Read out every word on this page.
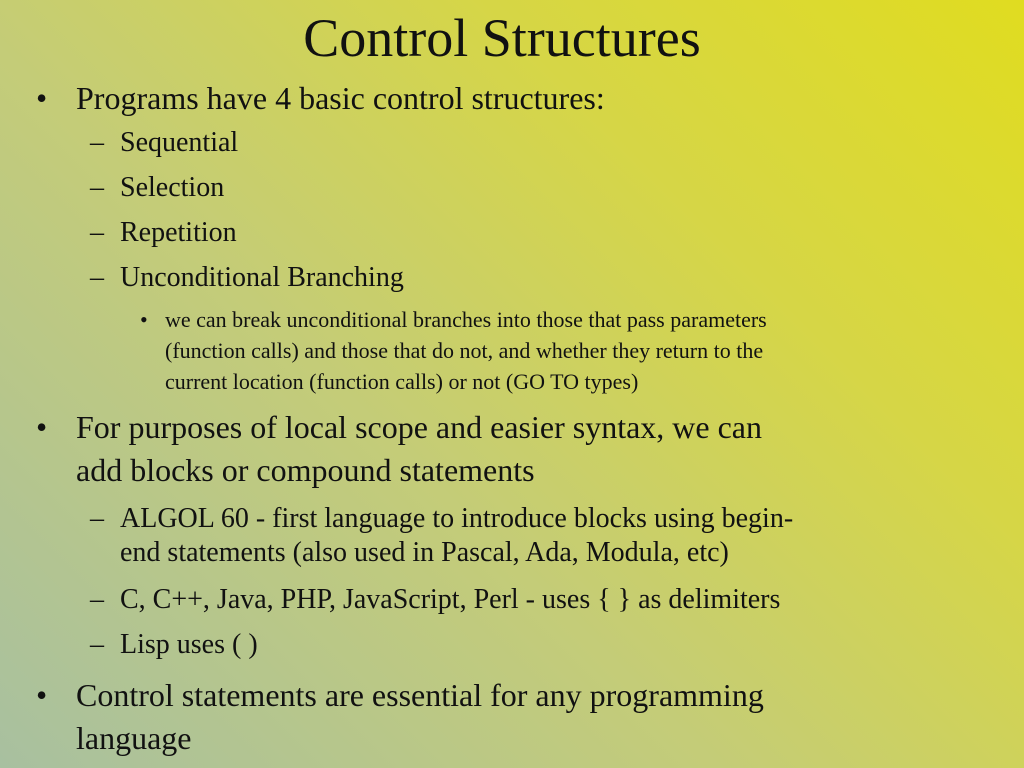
Control Structures
• Programs have 4 basic control structures:
– Sequential
– Selection
– Repetition
– Unconditional Branching
• we can break unconditional branches into those that pass parameters
(function calls) and those that do not, and whether they return to the
current location (function calls) or not (GO TO types)
• For purposes of local scope and easier syntax, we can
add blocks or compound statements
– ALGOL 60 - first language to introduce blocks using begin-
end statements (also used in Pascal, Ada, Modula, etc)
– C, C++, Java, PHP, JavaScript, Perl - uses { } as delimiters
– Lisp uses ( )
• Control statements are essential for any programming
language
